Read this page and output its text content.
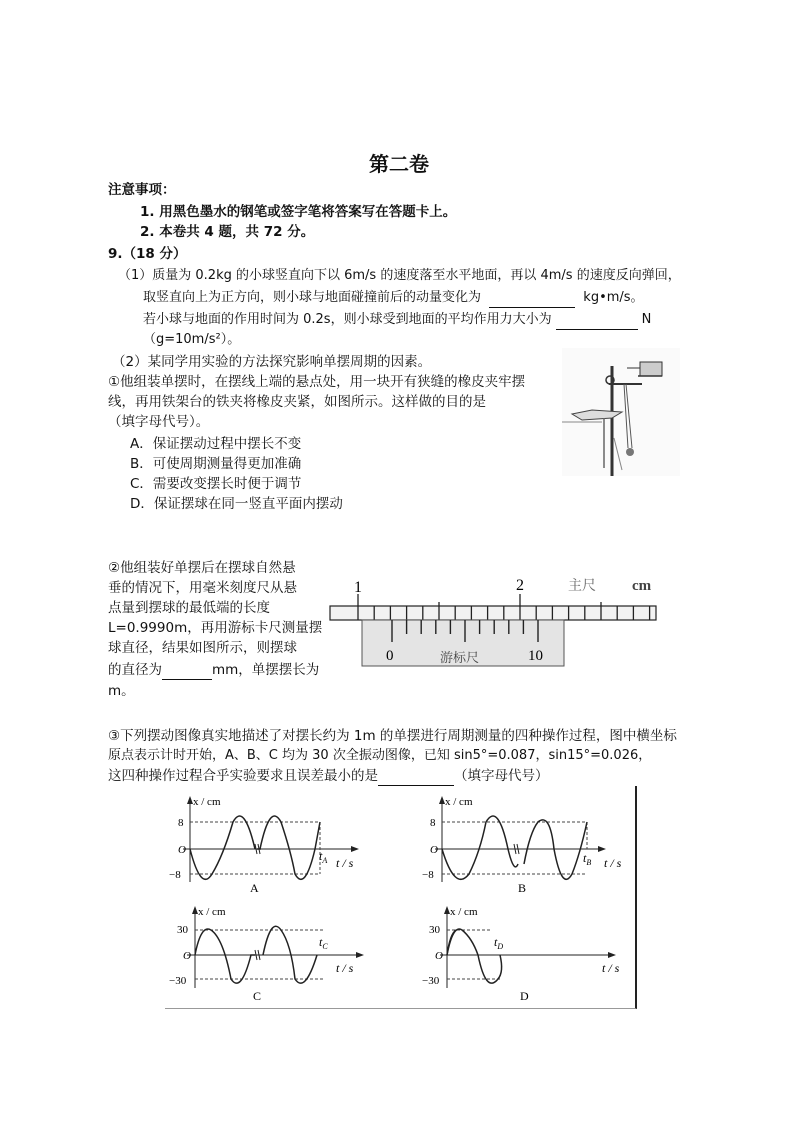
第二卷
注意事项：
1. 用黑色墨水的钢笔或签字笔将答案写在答题卡上。
2. 本卷共 4 题，共 72 分。
9.（18 分）
（1）质量为 0.2kg 的小球竖直向下以 6m/s 的速度落至水平地面，再以 4m/s 的速度反向弹回，
取竖直向上为正方向，则小球与地面碰撞前后的动量变化为	kg•m/s。
若小球与地面的作用时间为 0.2s，则小球受到地面的平均作用力大小为	N
（g=10m/s²）。
（2）某同学用实验的方法探究影响单摆周期的因素。
①他组装单摆时，在摆线上端的悬点处，用一块开有狭缝的橡皮夹牢摆
线，再用铁架台的铁夹将橡皮夹紧，如图所示。这样做的目的是
（填字母代号）。
A．保证摆动过程中摆长不变
B．可使周期测量得更加准确
C．需要改变摆长时便于调节
D．保证摆球在同一竖直平面内摆动
②他组装好单摆后在摆球自然悬
垂的情况下，用毫米刻度尺从悬
点量到摆球的最低端的长度
L=0.9990m，再用游标卡尺测量摆
球直径，结果如图所示，则摆球
的直径为	mm，单摆摆长为
m。
1	2	主尺 cm
0	10
游标尺
③下列摆动图像真实地描述了对摆长约为 1m 的单摆进行周期测量的四种操作过程，图中横坐标
原点表示计时开始，A、B、C 均为 30 次全振动图像，已知 sin5°=0.087，sin15°=0.026，
这四种操作过程合乎实验要求且误差最小的是	（填字母代号）
x / cm
8
−8
O	$t_A$ t / s
A
x / cm
8
−8
O
$t_B$ t / s
B
x / cm
30
−30
O
$t_C$
t / s
C
x / cm
30
−30
O
$t_D$
t / s
D
